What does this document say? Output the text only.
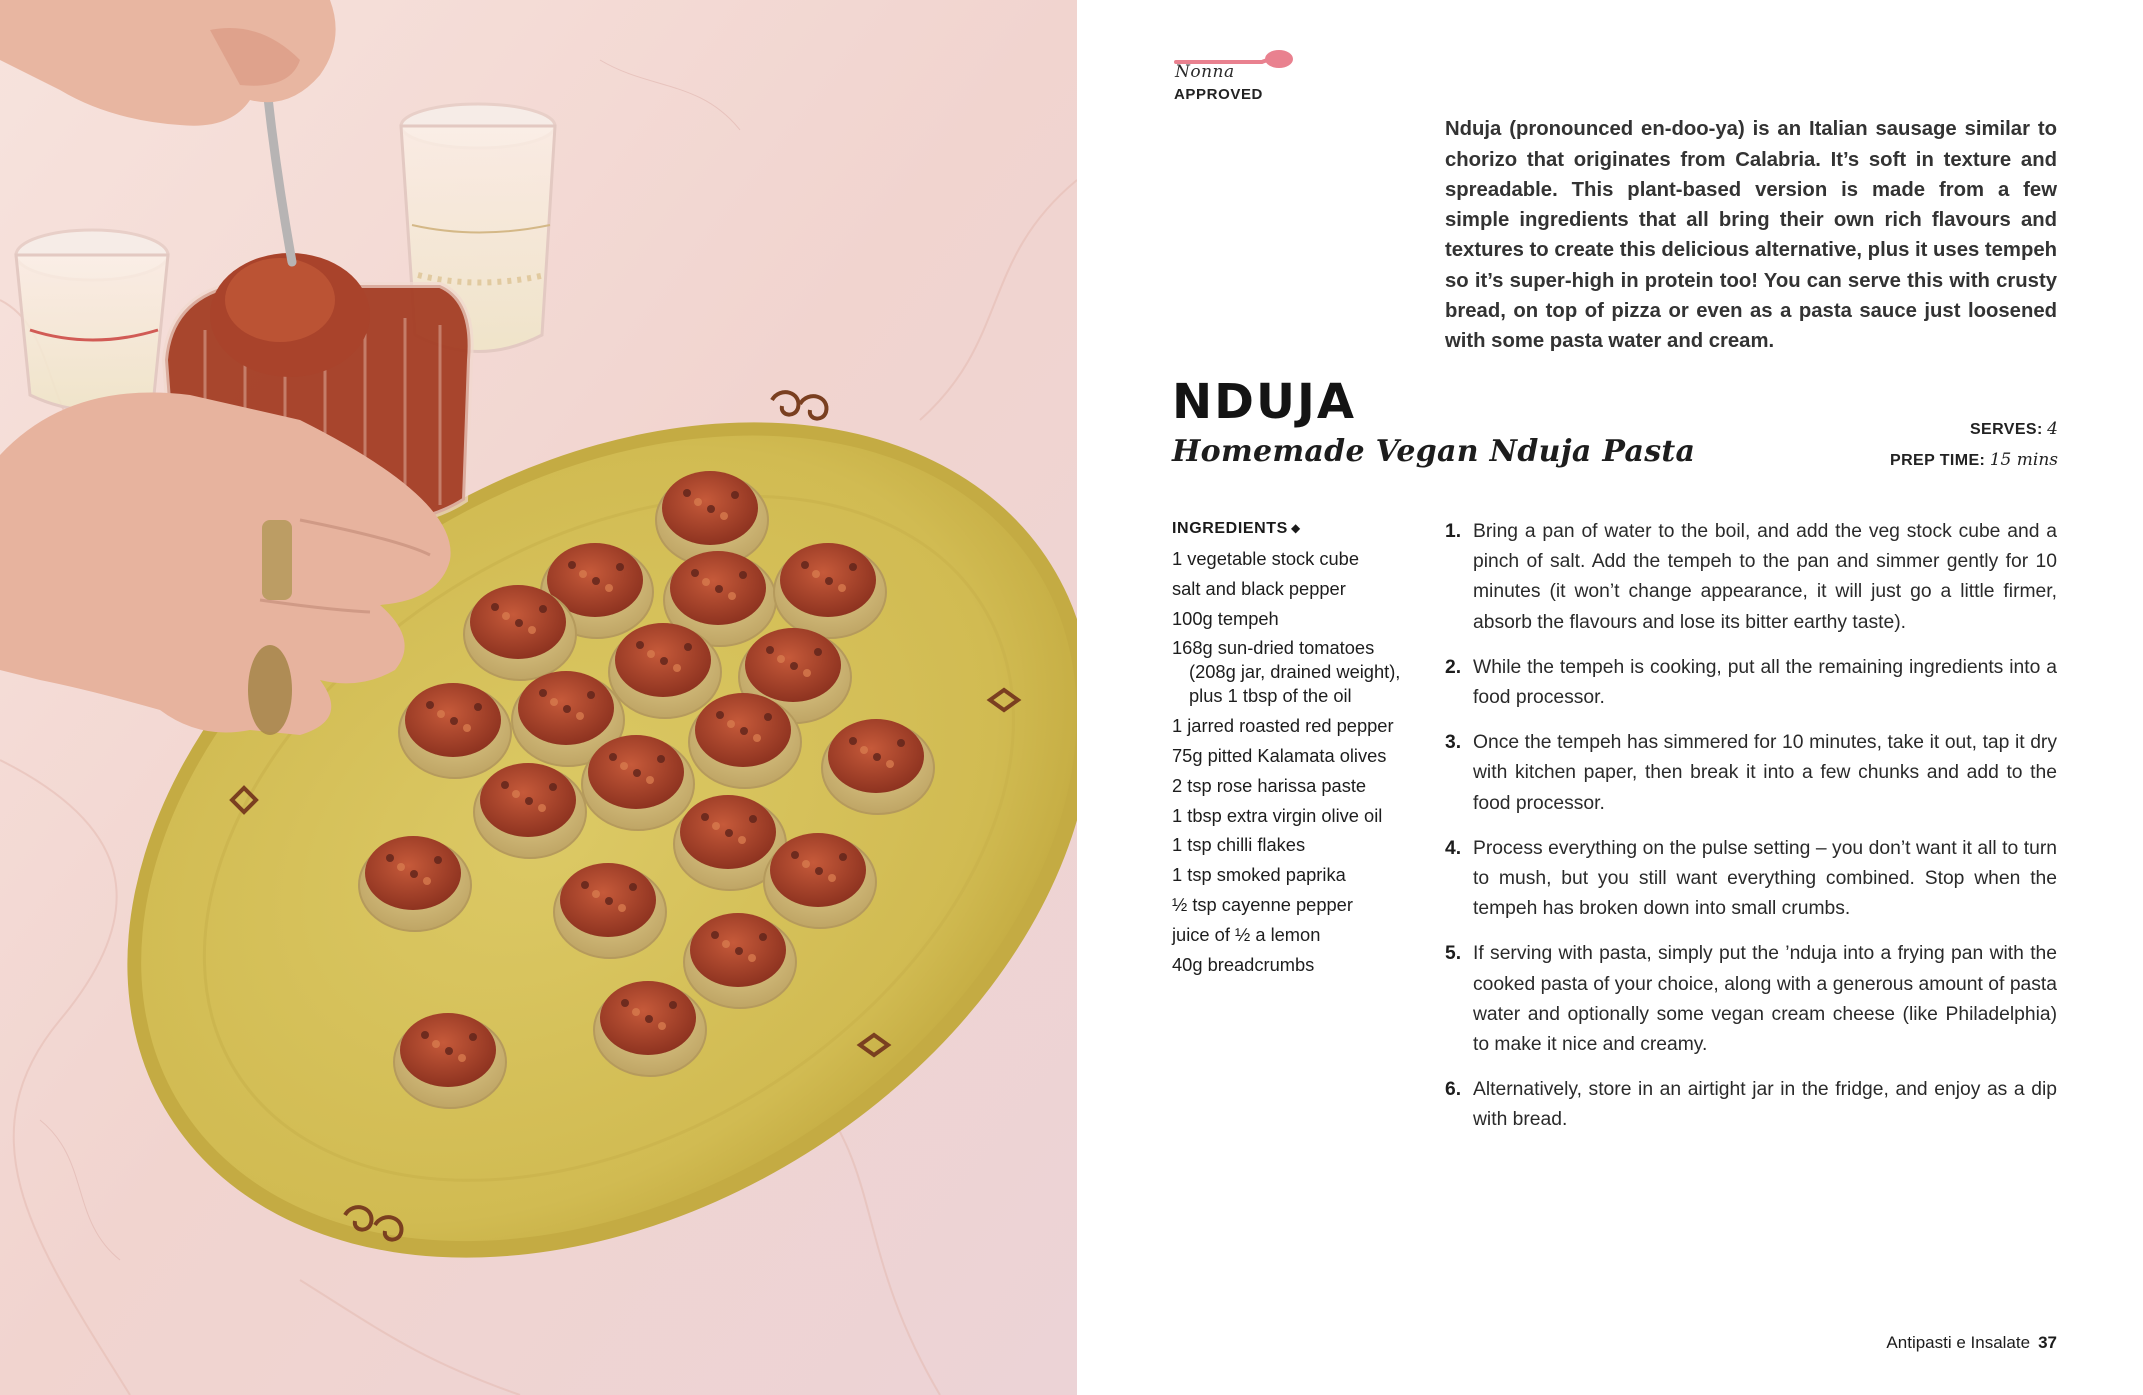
Nonna
APPROVED

Nduja (pronounced en-doo-ya) is an Italian sausage similar to chorizo that originates from Calabria. It’s soft in texture and spreadable. This plant-based version is made from a few simple ingredients that all bring their own rich flavours and textures to create this delicious alternative, plus it uses tempeh so it’s super-high in protein too! You can serve this with crusty bread, on top of pizza or even as a pasta sauce just loosened with some pasta water and cream.

NDUJA
Homemade Vegan Nduja Pasta
SERVES: 4
PREP TIME: 15 mins
INGREDIENTS ◆
1 vegetable stock cube
salt and black pepper
100g tempeh
168g sun-dried tomatoes (208g jar, drained weight), plus 1 tbsp of the oil
1 jarred roasted red pepper
75g pitted Kalamata olives
2 tsp rose harissa paste
1 tbsp extra virgin olive oil
1 tsp chilli flakes
1 tsp smoked paprika
½ tsp cayenne pepper
juice of ½ a lemon
40g breadcrumbs
1. Bring a pan of water to the boil, and add the veg stock cube and a pinch of salt. Add the tempeh to the pan and simmer gently for 10 minutes (it won’t change appearance, it will just go a little firmer, absorb the flavours and lose its bitter earthy taste).
2. While the tempeh is cooking, put all the remaining ingredients into a food processor.
3. Once the tempeh has simmered for 10 minutes, take it out, tap it dry with kitchen paper, then break it into a few chunks and add to the food processor.
4. Process everything on the pulse setting – you don’t want it all to turn to mush, but you still want everything combined. Stop when the tempeh has broken down into small crumbs.
5. If serving with pasta, simply put the ’nduja into a frying pan with the cooked pasta of your choice, along with a generous amount of pasta water and optionally some vegan cream cheese (like Philadelphia) to make it nice and creamy.
6. Alternatively, store in an airtight jar in the fridge, and enjoy as a dip with bread.
Antipasti e Insalate 37
